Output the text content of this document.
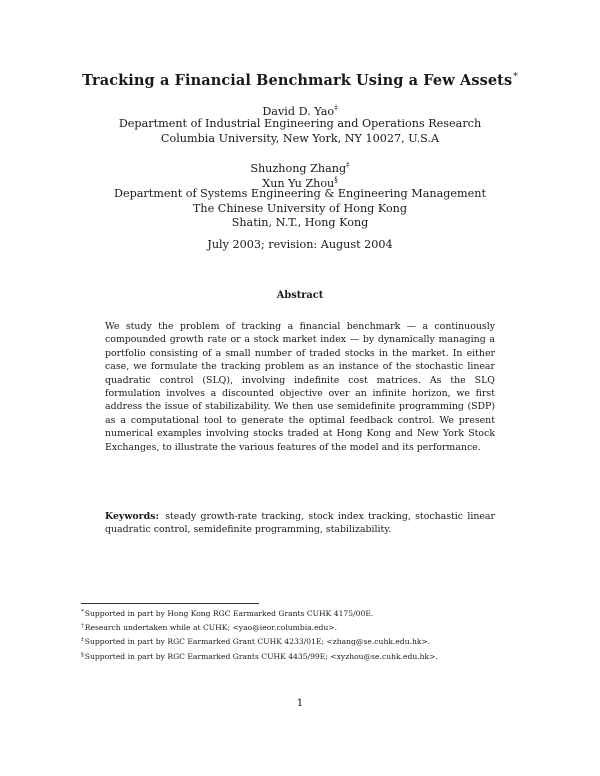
Tracking a Financial Benchmark Using a Few Assets*
David D. Yao‡
Department of Industrial Engineering and Operations Research
Columbia University, New York, NY 10027, U.S.A
Shuzhong Zhang‡
Xun Yu Zhou§
Department of Systems Engineering & Engineering Management
The Chinese University of Hong Kong
Shatin, N.T., Hong Kong
July 2003; revision: August 2004
Abstract
We study the problem of tracking a financial benchmark — a continuously compounded growth rate or a stock market index — by dynamically managing a portfolio consisting of a small number of traded stocks in the market. In either case, we formulate the tracking problem as an instance of the stochastic linear quadratic control (SLQ), involving indefinite cost matrices. As the SLQ formulation involves a discounted objective over an infinite horizon, we first address the issue of stabilizability. We then use semidefinite programming (SDP) as a computational tool to generate the optimal feedback control. We present numerical examples involving stocks traded at Hong Kong and New York Stock Exchanges, to illustrate the various features of the model and its performance.
Keywords: steady growth-rate tracking, stock index tracking, stochastic linear quadratic control, semidefinite programming, stabilizability.
*Supported in part by Hong Kong RGC Earmarked Grants CUHK 4175/00E.
†Research undertaken while at CUHK; <yao@ieor.columbia.edu>.
‡Supported in part by RGC Earmarked Grant CUHK 4233/01E; <zhang@se.cuhk.edu.hk>.
§Supported in part by RGC Earmarked Grants CUHK 4435/99E; <xyzhou@se.cuhk.edu.hk>.
1
